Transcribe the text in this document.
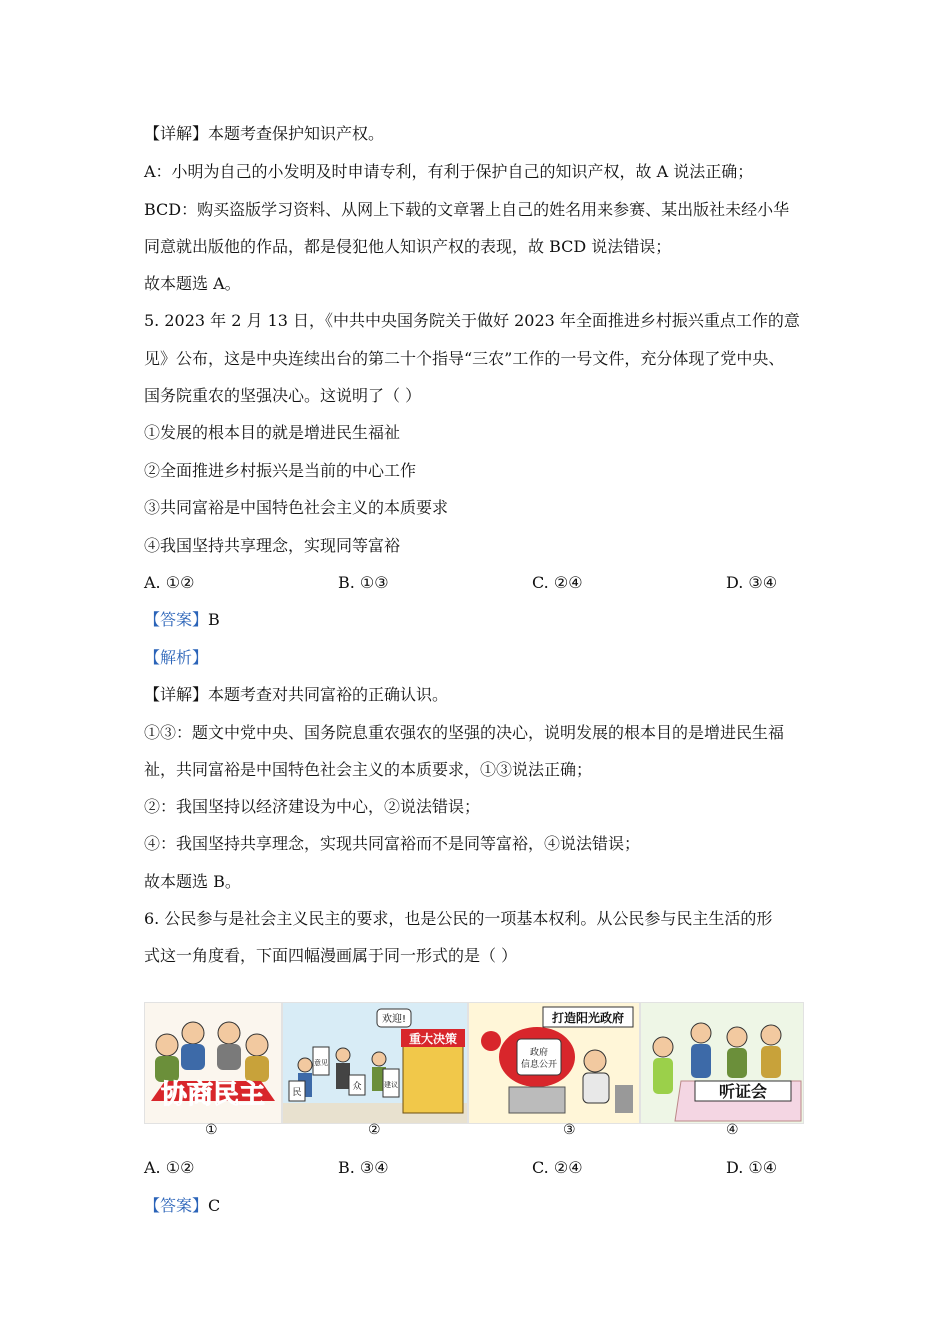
【详解】本题考查保护知识产权。
A：小明为自己的小发明及时申请专利，有利于保护自己的知识产权，故 A 说法正确；
BCD：购买盗版学习资料、从网上下载的文章署上自己的姓名用来参赛、某出版社未经小华
同意就出版他的作品，都是侵犯他人知识产权的表现，故 BCD 说法错误；
故本题选 A。
5. 2023 年 2 月 13 日，《中共中央国务院关于做好 2023 年全面推进乡村振兴重点工作的意
见》公布，这是中央连续出台的第二十个指导“三农”工作的一号文件，充分体现了党中央、
国务院重农的坚强决心。这说明了（ ）
①发展的根本目的就是增进民生福祉
②全面推进乡村振兴是当前的中心工作
③共同富裕是中国特色社会主义的本质要求
④我国坚持共享理念，实现同等富裕
A. ①②	B. ①③	C. ②④	D. ③④
【答案】B
【解析】
【详解】本题考查对共同富裕的正确认识。
①③：题文中党中央、国务院息重农强农的坚强的决心，说明发展的根本目的是增进民生福
祉，共同富裕是中国特色社会主义的本质要求，①③说法正确；
②：我国坚持以经济建设为中心，②说法错误；
④：我国坚持共享理念，实现共同富裕而不是同等富裕，④说法错误；
故本题选 B。
6. 公民参与是社会主义民主的要求，也是公民的一项基本权利。从公民参与民主生活的形
式这一角度看，下面四幅漫画属于同一形式的是（ ）
协商民主
①
重大决策
欢迎!
民
意见
众	建议
②
打造阳光政府
政府
信息公开
③
听证会
④
A. ①②	B. ③④	C. ②④	D. ①④
【答案】C
